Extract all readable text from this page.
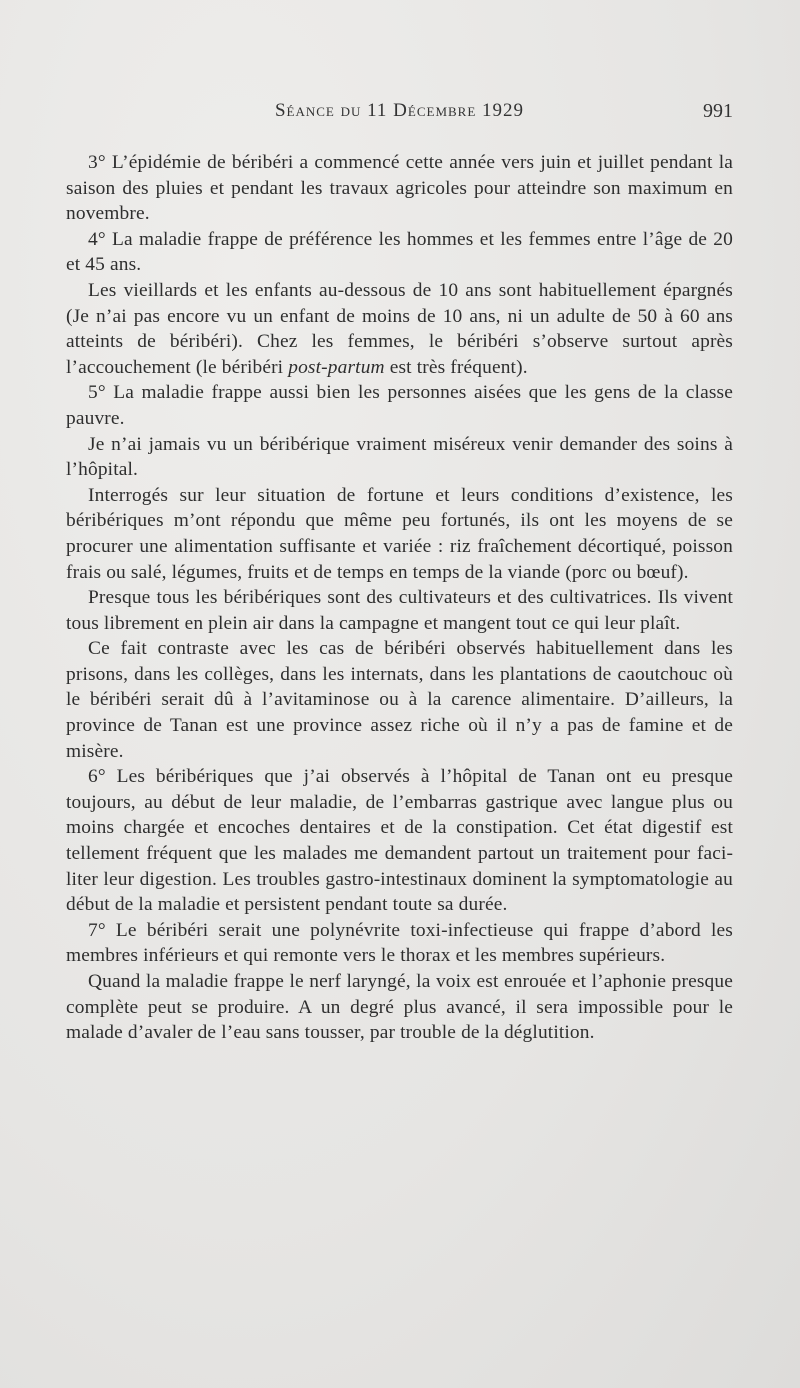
Séance du 11 Décembre 1929	991

3° L’épidémie de béribéri a commencé cette année vers juin et juillet pendant la saison des pluies et pendant les travaux agricoles pour atteindre son maximum en novembre.

4° La maladie frappe de préférence les hommes et les femmes entre l’âge de 20 et 45 ans.

Les vieillards et les enfants au-dessous de 10 ans sont habituellement épargnés (Je n’ai pas encore vu un enfant de moins de 10 ans, ni un adulte de 50 à 60 ans atteints de béribéri). Chez les femmes, le béribéri s’observe surtout après l’accouchement (le béribéri post-partum est très fréquent).

5° La maladie frappe aussi bien les personnes aisées que les gens de la classe pauvre.

Je n’ai jamais vu un béribérique vraiment miséreux venir demander des soins à l’hôpital.

Interrogés sur leur situation de fortune et leurs conditions d’existence, les béribériques m’ont répondu que même peu fortunés, ils ont les moyens de se procurer une alimentation suffisante et variée : riz fraîchement décortiqué, poisson frais ou salé, légumes, fruits et de temps en temps de la viande (porc ou bœuf).

Presque tous les béribériques sont des cultivateurs et des cultivatrices. Ils vivent tous librement en plein air dans la campagne et mangent tout ce qui leur plaît.

Ce fait contraste avec les cas de béribéri observés habituellement dans les prisons, dans les collèges, dans les internats, dans les plantations de caoutchouc où le béribéri serait dû à l’avitaminose ou à la carence alimentaire. D’ailleurs, la province de Tanan est une province assez riche où il n’y a pas de famine et de misère.

6° Les béribériques que j’ai observés à l’hôpital de Tanan ont eu presque toujours, au début de leur maladie, de l’embarras gastrique avec langue plus ou moins chargée et encoches dentaires et de la constipation. Cet état digestif est tellement fréquent que les malades me demandent partout un traitement pour faciliter leur digestion. Les troubles gastro-intestinaux dominent la symptomatologie au début de la maladie et persistent pendant toute sa durée.

7° Le béribéri serait une polynévrite toxi-infectieuse qui frappe d’abord les membres inférieurs et qui remonte vers le thorax et les membres supérieurs.

Quand la maladie frappe le nerf laryngé, la voix est enrouée et l’aphonie presque complète peut se produire. A un degré plus avancé, il sera impossible pour le malade d’avaler de l’eau sans tousser, par trouble de la déglutition.
